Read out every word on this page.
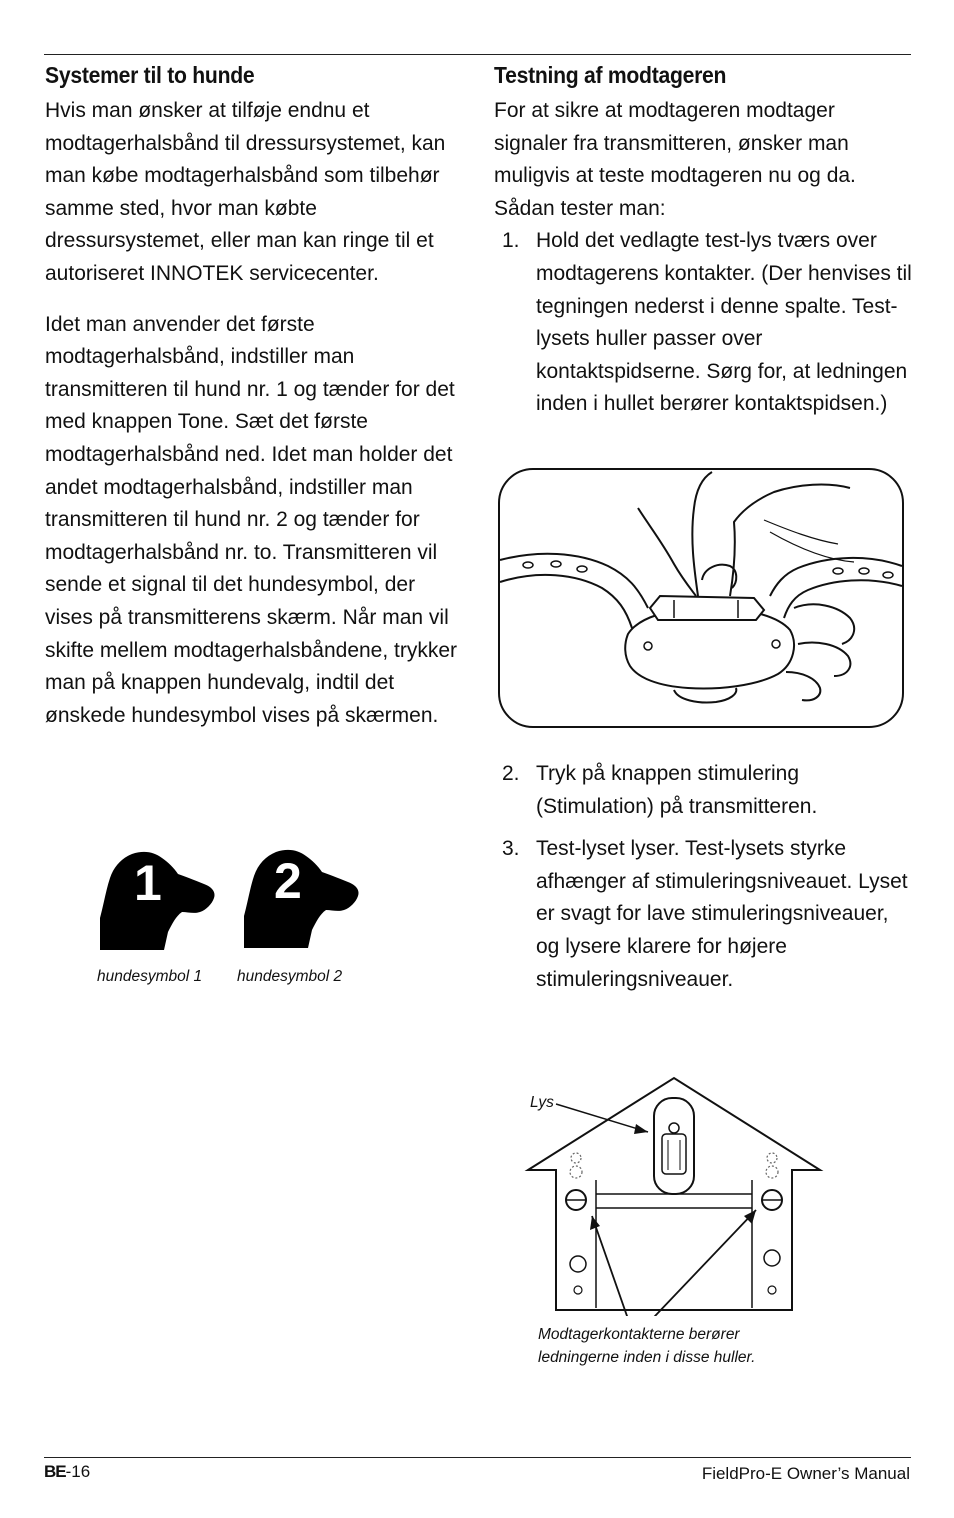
Systemer til to hunde

Hvis man ønsker at tilføje endnu et modtagerhalsbånd til dressursystemet, kan man købe modtagerhalsbånd som tilbehør samme sted, hvor man købte dressursystemet, eller man kan ringe til et autoriseret INNOTEK servicecenter.

Idet man anvender det første modtagerhalsbånd, indstiller man transmitteren til hund nr. 1 og tænder for det med knappen Tone. Sæt det første modtagerhalsbånd ned. Idet man holder det andet modtagerhalsbånd, indstiller man transmitteren til hund nr. 2 og tænder for modtagerhalsbånd nr. to. Transmitteren vil sende et signal til det hundesymbol, der vises på transmitterens skærm. Når man vil skifte mellem modtagerhalsbåndene, trykker man på knappen hundevalg, indtil det ønskede hundesymbol vises på skærmen.

1 2
hundesymbol 1 hundesymbol 2
Testning af modtageren

For at sikre at modtageren modtager signaler fra transmitteren, ønsker man muligvis at teste modtageren nu og da. Sådan tester man:

1. Hold det vedlagte test-lys tværs over modtagerens kontakter. (Der henvises til tegningen nederst i denne spalte. Test-lysets huller passer over kontaktspidserne. Sørg for, at ledningen inden i hullet berører kontaktspidsen.)
2. Tryk på knappen stimulering (Stimulation) på transmitteren.
3. Test-lyset lyser. Test-lysets styrke afhænger af stimuleringsniveauet. Lyset er svagt for lave stimuleringsniveauer, og lysere klarere for højere stimuleringsniveauer.
Lys
Modtagerkontakterne berører
ledningerne inden i disse huller.
BE-16	FieldPro-E Owner’s Manual
